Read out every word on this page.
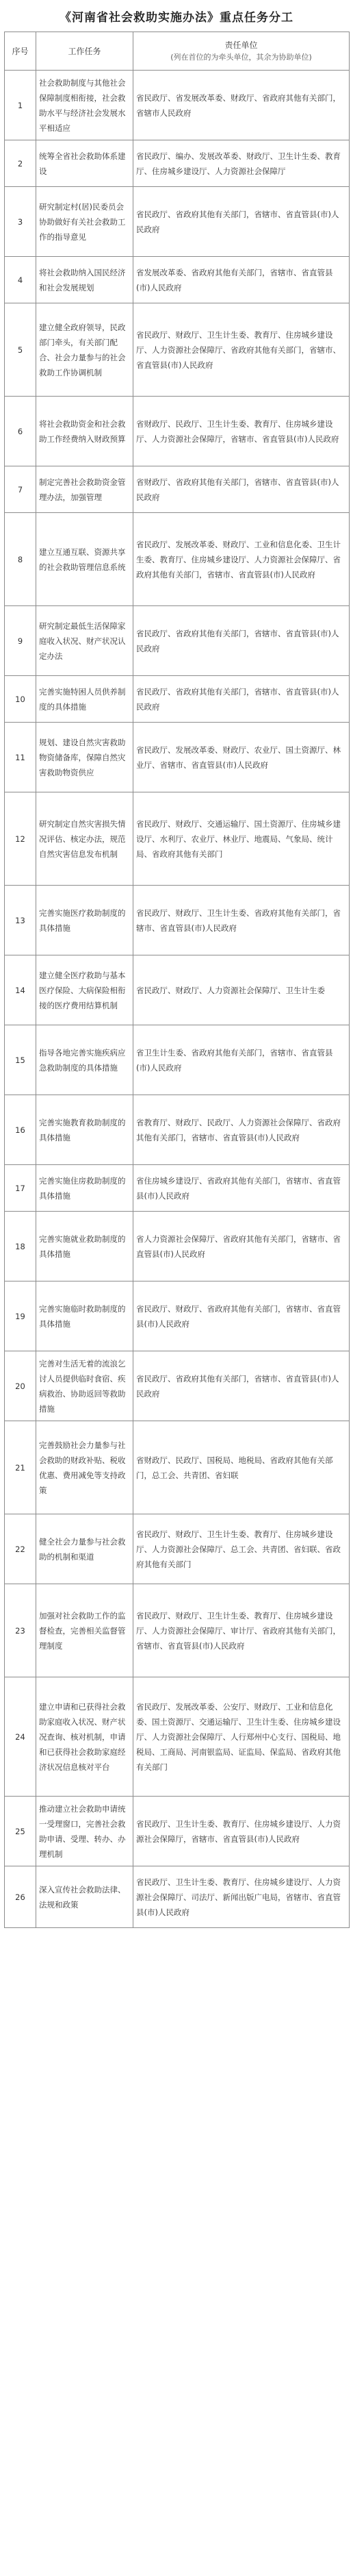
《河南省社会救助实施办法》重点任务分工
序号	工作任务	责任单位
(列在首位的为牵头单位，其余为协助单位)

1	社会救助制度与其他社会保障制度相衔接，社会救助水平与经济社会发展水平相适应	省民政厅、省发展改革委、财政厅、省政府其他有关部门，省辖市人民政府
2	统筹全省社会救助体系建设	省民政厅、编办、发展改革委、财政厅、卫生计生委、教育厅、住房城乡建设厅、人力资源社会保障厅
3	研究制定村(居)民委员会协助做好有关社会救助工作的指导意见	省民政厅、省政府其他有关部门，省辖市、省直管县(市)人民政府
4	将社会救助纳入国民经济和社会发展规划	省发展改革委、省政府其他有关部门，省辖市、省直管县(市)人民政府
5	建立健全政府领导，民政部门牵头，有关部门配合、社会力量参与的社会救助工作协调机制	省民政厅、财政厅、卫生计生委、教育厅、住房城乡建设厅、人力资源社会保障厅、省政府其他有关部门，省辖市、省直管县(市)人民政府
6	将社会救助资金和社会救助工作经费纳入财政预算	省财政厅、民政厅、卫生计生委、教育厅、住房城乡建设厅、人力资源社会保障厅，省辖市、省直管县(市)人民政府
7	制定完善社会救助资金管理办法，加强管理	省财政厅、省政府其他有关部门，省辖市、省直管县(市)人民政府
8	建立互通互联、资源共享的社会救助管理信息系统	省民政厅、发展改革委、财政厅、工业和信息化委、卫生计生委、教育厅、住房城乡建设厅、人力资源社会保障厅、省政府其他有关部门，省辖市、省直管县(市)人民政府
9	研究制定最低生活保障家庭收入状况、财产状况认定办法	省民政厅、省政府其他有关部门，省辖市、省直管县(市)人民政府
10	完善实施特困人员供养制度的具体措施	省民政厅、省政府其他有关部门，省辖市、省直管县(市)人民政府
11	规划、建设自然灾害救助物资储备库，保障自然灾害救助物资供应	省民政厅、发展改革委、财政厅、农业厅、国土资源厅、林业厅、省辖市、省直管县(市)人民政府
12	研究制定自然灾害损失情况评估、核定办法，规范自然灾害信息发布机制	省民政厅、财政厅、交通运输厅、国土资源厅、住房城乡建设厅、水利厅、农业厅、林业厅、地震局、气象局、统计局、省政府其他有关部门
13	完善实施医疗救助制度的具体措施	省民政厅、财政厅、卫生计生委、省政府其他有关部门，省辖市、省直管县(市)人民政府
14	建立健全医疗救助与基本医疗保险、大病保险相衔接的医疗费用结算机制	省民政厅、财政厅、人力资源社会保障厅、卫生计生委
15	指导各地完善实施疾病应急救助制度的具体措施	省卫生计生委、省政府其他有关部门，省辖市、省直管县(市)人民政府
16	完善实施教育救助制度的具体措施	省教育厅、财政厅、民政厅、人力资源社会保障厅、省政府其他有关部门，省辖市、省直管县(市)人民政府
17	完善实施住房救助制度的具体措施	省住房城乡建设厅、省政府其他有关部门，省辖市、省直管县(市)人民政府
18	完善实施就业救助制度的具体措施	省人力资源社会保障厅、省政府其他有关部门，省辖市、省直管县(市)人民政府
19	完善实施临时救助制度的具体措施	省民政厅、财政厅、省政府其他有关部门，省辖市、省直管县(市)人民政府
20	完善对生活无着的流浪乞讨人员提供临时食宿、疾病救治、协助返回等救助措施	省民政厅、省政府其他有关部门，省辖市、省直管县(市)人民政府
21	完善鼓励社会力量参与社会救助的财政补贴、税收优惠、费用减免等支持政策	省财政厅、民政厅、国税局、地税局、省政府其他有关部门，总工会、共青团、省妇联
22	健全社会力量参与社会救助的机制和渠道	省民政厅、财政厅、卫生计生委、教育厅、住房城乡建设厅、人力资源社会保障厅、总工会、共青团、省妇联、省政府其他有关部门
23	加强对社会救助工作的监督检查，完善相关监督管理制度	省民政厅、财政厅、卫生计生委、教育厅、住房城乡建设厅、人力资源社会保障厅、审计厅、省政府其他有关部门，省辖市、省直管县(市)人民政府
24	建立申请和已获得社会救助家庭收入状况、财产状况查询、核对机制，申请和已获得社会救助家庭经济状况信息核对平台	省民政厅、发展改革委、公安厅、财政厅、工业和信息化委、国土资源厅、交通运输厅、卫生计生委、住房城乡建设厅、人力资源社会保障厅、人行郑州中心支行、国税局、地税局、工商局、河南银监局、证监局、保监局、省政府其他有关部门
25	推动建立社会救助申请统一受理窗口，完善社会救助申请、受理、转办、办理机制	省民政厅、卫生计生委、教育厅、住房城乡建设厅、人力资源社会保障厅，省辖市、省直管县(市)人民政府
26	深入宣传社会救助法律、法规和政策	省民政厅、卫生计生委、教育厅、住房城乡建设厅、人力资源社会保障厅、司法厅、新闻出版广电局，省辖市、省直管县(市)人民政府
